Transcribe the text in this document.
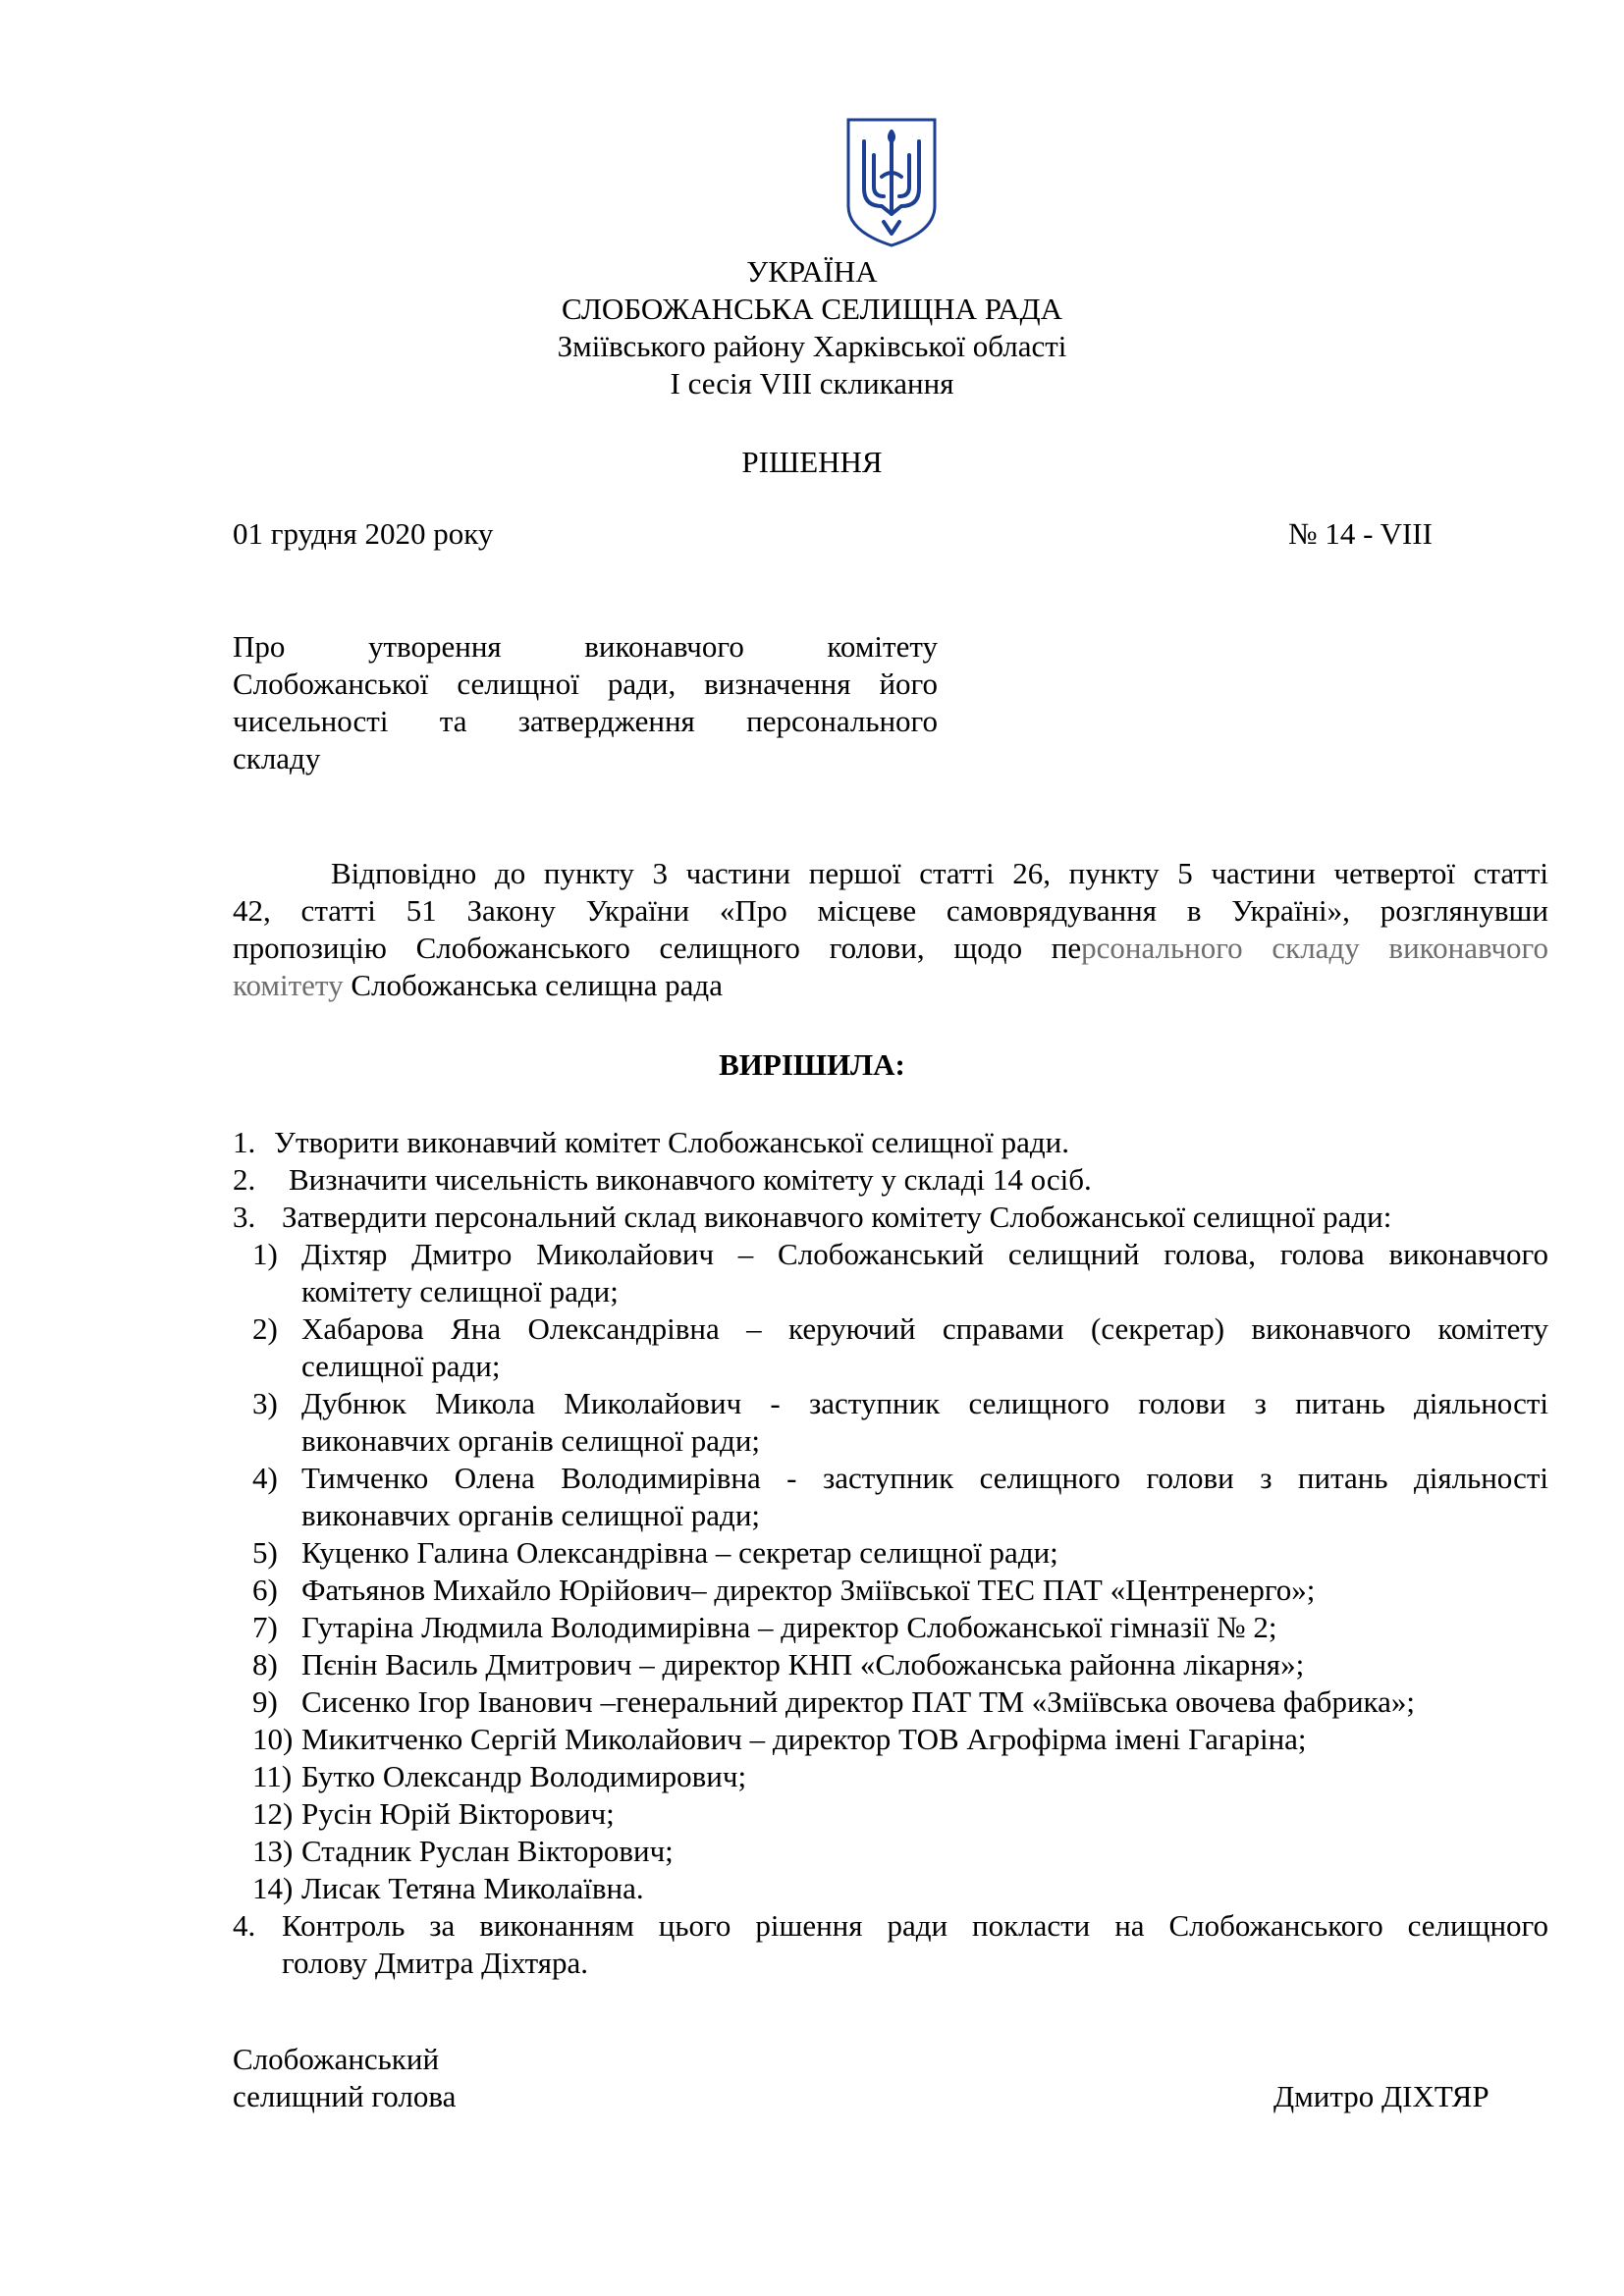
УКРАЇНА
СЛОБОЖАНСЬКА СЕЛИЩНА РАДА
Зміївського району Харківської області
I сесія VIII скликання
РІШЕННЯ
01 грудня 2020 року	№ 14 - VIII
Про утворення виконавчого комітету
Слобожанської селищної ради, визначення його
чисельності та затвердження персонального
складу
Відповідно до пункту 3 частини першої статті 26, пункту 5 частини четвертої статті
42, статті 51 Закону України «Про місцеве самоврядування в Україні», розглянувши
пропозицію Слобожанського селищного голови, щодо персонального складу виконавчого
комітету Слобожанська селищна рада
ВИРІШИЛА:
1. Утворити виконавчий комітет Слобожанської селищної ради.
2. Визначити чисельність виконавчого комітету у складі 14 осіб.
3. Затвердити персональний склад виконавчого комітету Слобожанської селищної ради:
1) Діхтяр Дмитро Миколайович – Слобожанський селищний голова, голова виконавчого
комітету селищної ради;
2) Хабарова Яна Олександрівна – керуючий справами (секретар) виконавчого комітету
селищної ради;
3) Дубнюк Микола Миколайович - заступник селищного голови з питань діяльності
виконавчих органів селищної ради;
4) Тимченко Олена Володимирівна - заступник селищного голови з питань діяльності
виконавчих органів селищної ради;
5) Куценко Галина Олександрівна – секретар селищної ради;
6) Фатьянов Михайло Юрійович– директор Зміївської ТЕС ПАТ «Центренерго»;
7) Гутаріна Людмила Володимирівна – директор Слобожанської гімназії № 2;
8) Пєнін Василь Дмитрович – директор КНП «Слобожанська районна лікарня»;
9) Сисенко Ігор Іванович –генеральний директор ПАТ ТМ «Зміївська овочева фабрика»;
10) Микитченко Сергій Миколайович – директор ТОВ Агрофірма імені Гагаріна;
11) Бутко Олександр Володимирович;
12) Русін Юрій Вікторович;
13) Стадник Руслан Вікторович;
14) Лисак Тетяна Миколаївна.
4. Контроль за виконанням цього рішення ради покласти на Слобожанського селищного
голову Дмитра Діхтяра.
Слобожанський
селищний голова	Дмитро ДІХТЯР
